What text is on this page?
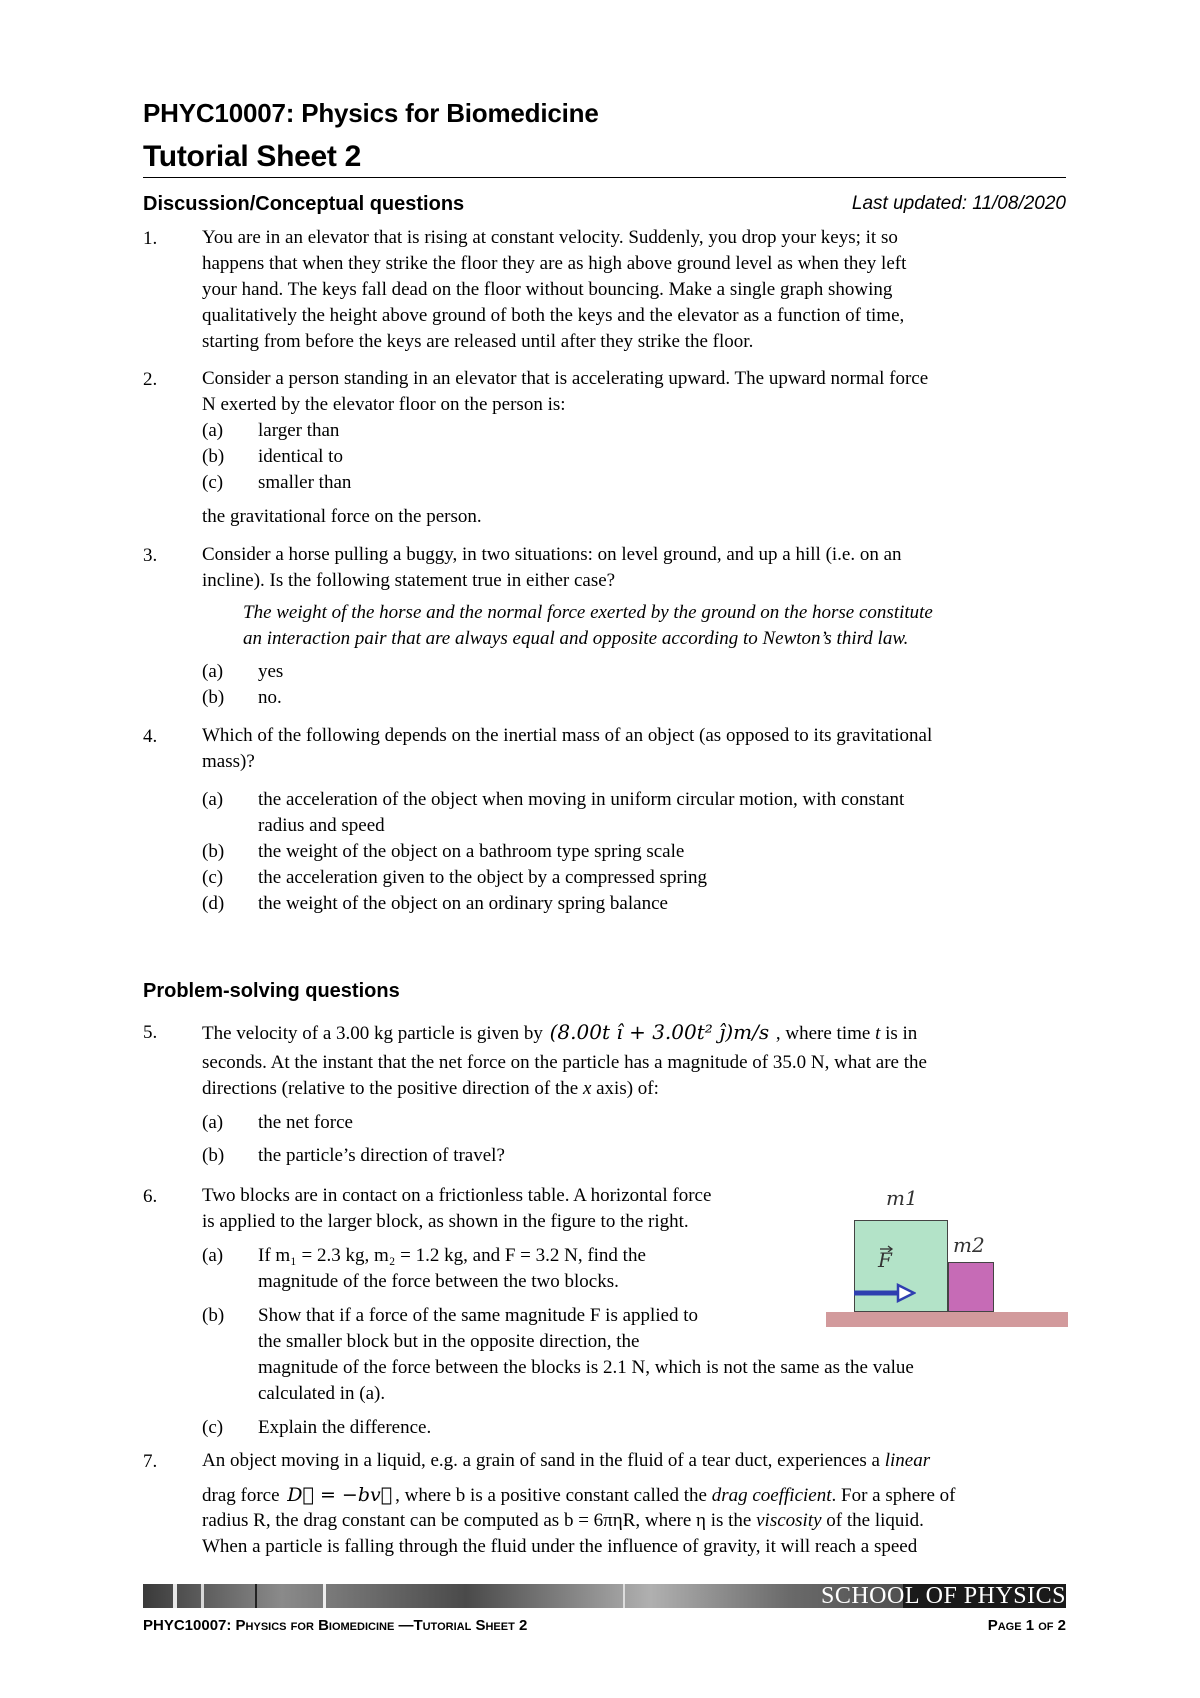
PHYC10007: Physics for Biomedicine
Tutorial Sheet 2
Discussion/Conceptual questions	Last updated: 11/08/2020
1. You are in an elevator that is rising at constant velocity. Suddenly, you drop your keys; it so
happens that when they strike the floor they are as high above ground level as when they left
your hand. The keys fall dead on the floor without bouncing. Make a single graph showing
qualitatively the height above ground of both the keys and the elevator as a function of time,
starting from before the keys are released until after they strike the floor.
2. Consider a person standing in an elevator that is accelerating upward. The upward normal force
N exerted by the elevator floor on the person is:
(a)	larger than
(b)	identical to
(c)	smaller than
the gravitational force on the person.
3. Consider a horse pulling a buggy, in two situations: on level ground, and up a hill (i.e. on an
incline). Is the following statement true in either case?
The weight of the horse and the normal force exerted by the ground on the horse constitute
an interaction pair that are always equal and opposite according to Newton’s third law.
(a)	yes
(b)	no.
4. Which of the following depends on the inertial mass of an object (as opposed to its gravitational
mass)?
(a)	the acceleration of the object when moving in uniform circular motion, with constant
radius and speed
(b)	the weight of the object on a bathroom type spring scale
(c)	the acceleration given to the object by a compressed spring
(d)	the weight of the object on an ordinary spring balance
Problem-solving questions
5. The velocity of a 3.00 kg particle is given by (8.00t î + 3.00t² ĵ)m/s , where time t is in
seconds. At the instant that the net force on the particle has a magnitude of 35.0 N, what are the
directions (relative to the positive direction of the x axis) of:
(a)	the net force
(b)	the particle’s direction of travel?
6. Two blocks are in contact on a frictionless table. A horizontal force
is applied to the larger block, as shown in the figure to the right.
(a)	If m₁ = 2.3 kg, m₂ = 1.2 kg, and F = 3.2 N, find the
magnitude of the force between the two blocks.
(b)	Show that if a force of the same magnitude F is applied to
the smaller block but in the opposite direction, the
magnitude of the force between the blocks is 2.1 N, which is not the same as the value
calculated in (a).
(c)	Explain the difference.
m1
m2
F
7. An object moving in a liquid, e.g. a grain of sand in the fluid of a tear duct, experiences a linear
drag force D⃗ = −bv⃗ , where b is a positive constant called the drag coefficient. For a sphere of
radius R, the drag constant can be computed as b = 6πηR, where η is the viscosity of the liquid.
When a particle is falling through the fluid under the influence of gravity, it will reach a speed
SCHOOL OF PHYSICS
PHYC10007: Physics for Biomedicine —Tutorial Sheet 2	Page 1 of 2
